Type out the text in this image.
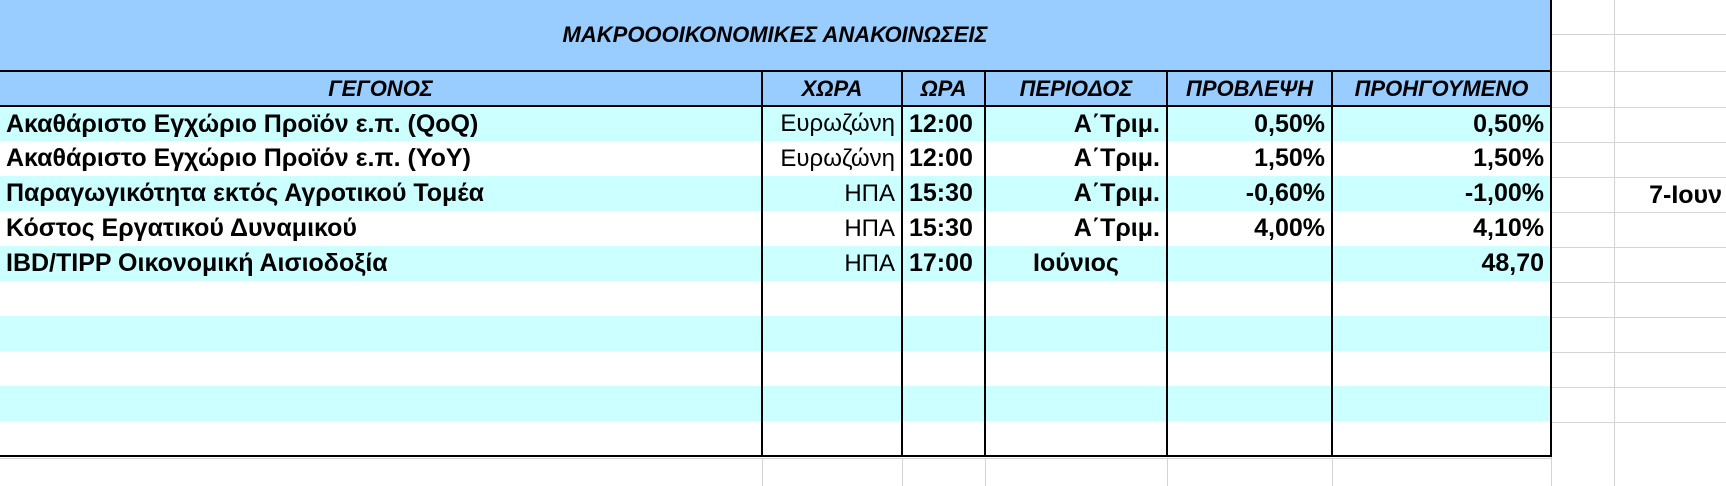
ΜΑΚΡΟΟΟΙΚΟΝΟΜΙΚΕΣ ΑΝΑΚΟΙΝΩΣΕΙΣ					
ΓΕΓΟΝΟΣ	ΧΩΡΑ	ΩΡΑ	ΠΕΡΙΟΔΟΣ	ΠΡΟΒΛΕΨΗ	ΠΡΟΗΓΟΥΜΕΝΟ
Ακαθάριστο Εγχώριο Προϊόν ε.π. (QoQ)	Ευρωζώνη	12:00	Α΄Τριμ.	0,50%	0,50%
Ακαθάριστο Εγχώριο Προϊόν ε.π. (YoY)	Ευρωζώνη	12:00	Α΄Τριμ.	1,50%	1,50%
Παραγωγικότητα εκτός Αγροτικού Τομέα	ΗΠΑ	15:30	Α΄Τριμ.	-0,60%	-1,00%
Κόστος Εργατικού Δυναμικού	ΗΠΑ	15:30	Α΄Τριμ.	4,00%	4,10%
IBD/TIPP Οικονομική Αισιοδοξία	ΗΠΑ	17:00	Ιούνιος		48,70

7-Ιουν
